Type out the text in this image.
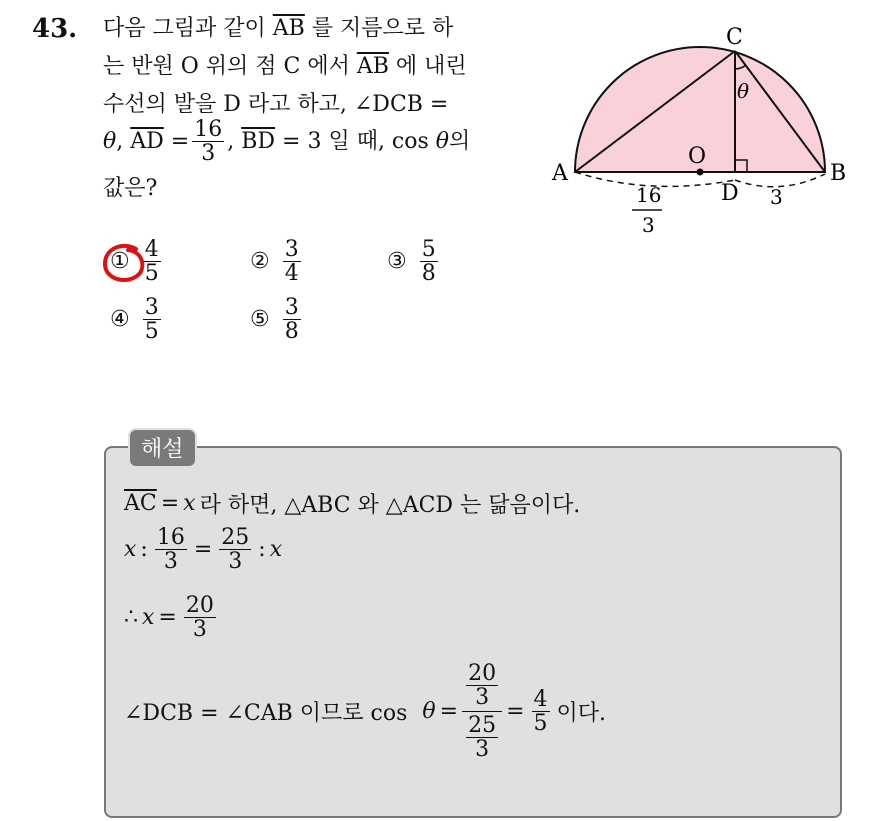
43. 다음 그림과 같이 $\overline{AB}$ 를 지름으로 하
는 반원 O 위의 점 C 에서 $\overline{AB}$ 에 내린
수선의 발을 D 라고 하고, ∠DCB =
θ ,
$\overline{AD}$
= $\frac{16}{3}$ ,
$\overline{BD}$
= 3 일 때, cos
θ 의
값은?
① $\frac{4}{5}$	② $\frac{3}{4}$	③ $\frac{5}{8}$
④ $\frac{3}{5}$	⑤ $\frac{3}{8}$
C
A	B
O
D
θ
16
3
3
해설
$\overline{AC} = x$ 라 하면, △ABC 와 △ACD 는 닮음이다.
x : $\frac{16}{3} = \frac{25}{3}$ : x
∴ $x = \frac{20}{3}$
∠DCB = ∠CAB 이므로 cos
θ =
$\frac{20}{3}$
$\frac{25}{3}$
= $\frac{4}{5}$ 이다.
